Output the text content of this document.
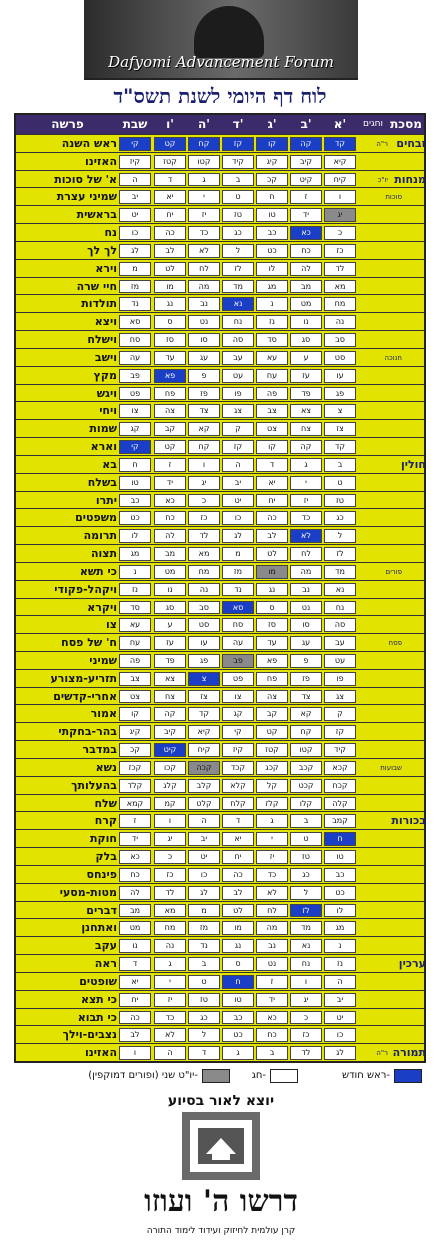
Dafyomi Advancement Forum
לוח דף היומי לשנת תשס"ד
מסכת
וחגים
א'
ב'
ג'
ד'
ה'
ו'
שבת
פרשה
זבחים
ר"ה
קד
קה
קו
קז
קח
קט
קי
ראש השנה
קיא
קיב
קיג
קיד
קטו
קטז
קיז
האזינו
מנחות
יו"כ
קיח
קיט
קכ
ב
ג
ד
ה
א' של סוכות
סוכות
ו
ז
ח
ט
י
יא
יב
שמיני עצרת
יג
יד
טו
טז
יז
יח
יט
בראשית
כ
כא
כב
כג
כד
כה
כו
נח
כז
כח
כט
ל
לא
לב
לג
לך לך
לד
לה
לו
לז
לח
לט
מ
וירא
מא
מב
מג
מד
מה
מו
מז
חיי שרה
מח
מט
נ
נא
נב
נג
נד
תולדות
נה
נו
נז
נח
נט
ס
סא
ויצא
סב
סג
סד
סה
סו
סז
סח
וישלח
חנוכה
סט
ע
עא
עב
עג
עד
עה
וישב
עו
עז
עח
עט
פ
פא
פב
מקץ
פג
פד
פה
פו
פז
פח
פט
ויגש
צ
צא
צב
צג
צד
צה
צו
ויחי
צז
צח
צט
ק
קא
קב
קג
שמות
קד
קה
קו
קז
קח
קט
קי
וארא
חולין
ב
ג
ד
ה
ו
ז
ח
בא
ט
י
יא
יב
יג
יד
טו
בשלח
טז
יז
יח
יט
כ
כא
כב
יתרו
כג
כד
כה
כו
כז
כח
כט
משפטים
ל
לא
לב
לג
לד
לה
לו
תרומה
לז
לח
לט
מ
מא
מב
מג
תצוה
פורים
מד
מה
מו
מז
מח
מט
נ
כי תשא
נא
נב
נג
נד
נה
נו
נז
ויקהל-פקודי
נח
נט
ס
סא
סב
סג
סד
ויקרא
סה
סו
סז
סח
סט
ע
עא
צו
פסח
עב
עג
עד
עה
עו
עז
עח
ח' של פסח
עט
פ
פא
פב
פג
פד
פה
שמיני
פו
פז
פח
פט
צ
צא
צב
תזריע-מצורע
צג
צד
צה
צו
צז
צח
צט
אחרי-קדשים
ק
קא
קב
קג
קד
קה
קו
אמור
קז
קח
קט
קי
קיא
קיב
קיג
בהר-בחקתי
קיד
קטו
קטז
קיז
קיח
קיט
קכ
במדבר
שבועות
קכא
קכב
קכג
קכד
קכה
קכו
קכז
נשא
קכח
קכט
קל
קלא
קלב
קלג
קלד
בהעלותך
קלה
קלו
קלז
קלח
קלט
קמ
קמא
שלח
בכורות
קמב
ב
ג
ד
ה
ו
ז
קרח
ח
ט
י
יא
יב
יג
יד
חוקת
טו
טז
יז
יח
יט
כ
כא
בלק
כב
כג
כד
כה
כו
כז
כח
פינחס
כט
ל
לא
לב
לג
לד
לה
מטות-מסעי
לו
לז
לח
לט
מ
מא
מב
דברים
מג
מד
מה
מו
מז
מח
מט
ואתחנן
נ
נא
נב
נג
נד
נה
נו
עקב
ערכין
נז
נח
נט
ס
ב
ג
ד
ראה
ה
ו
ז
ח
ט
י
יא
שופטים
יב
יג
יד
טו
טז
יז
יח
כי תצא
יט
כ
כא
כב
כג
כד
כה
כי תבוא
כו
כז
כח
כט
ל
לא
לב
נצבים-וילך
תמורה
ר"ה
לג
לד
ב
ג
ד
ה
ו
האזינו
-ראש חודש
-חג
-יו"ט שני (ופורים דמוקפין)
יוצא לאור בסיוע
דרשו ה' ועוזו
קרן עולמית לחיזוק ועידוד לימוד התורה
